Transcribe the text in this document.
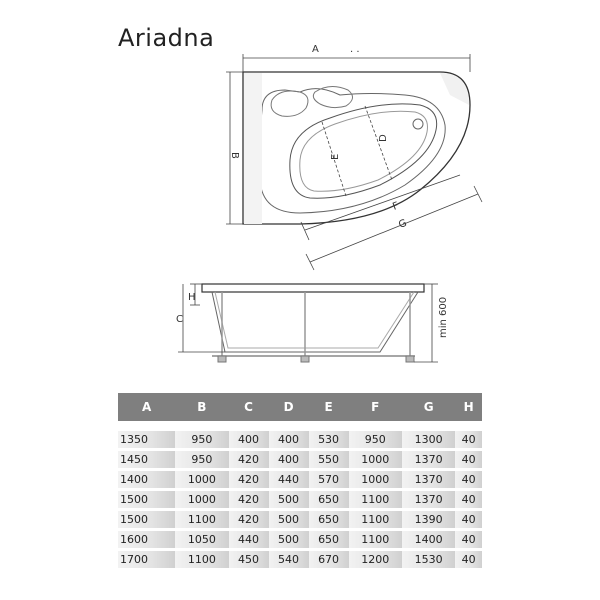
Ariadna	A	. .
B	E
D
F
G
H
C	min 600
A	B	C	D	E	F	G	H

1350	950	400	400	530	950	1300	40
1450	950	420	400	550	1000	1370	40
1400	1000	420	440	570	1000	1370	40
1500	1000	420	500	650	1100	1370	40
1500	1100	420	500	650	1100	1390	40
1600	1050	440	500	650	1100	1400	40
1700	1100	450	540	670	1200	1530	40
